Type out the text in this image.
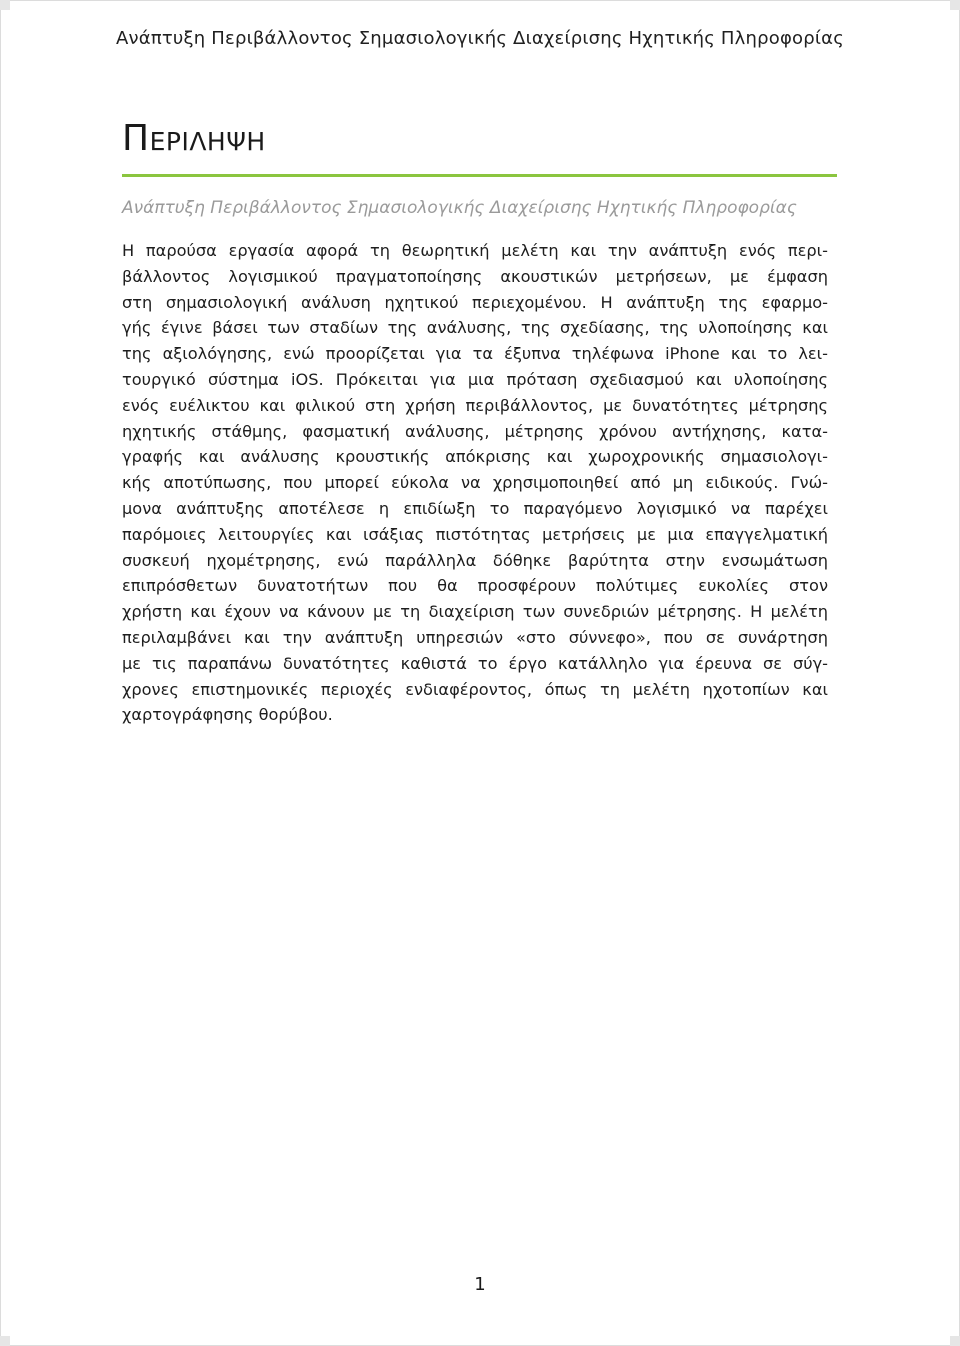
Ανάπτυξη Περιβάλλοντος Σημασιολογικής Διαχείρισης Ηχητικής Πληροφορίας
Περιληψη
Ανάπτυξη Περιβάλλοντος Σημασιολογικής Διαχείρισης Ηχητικής Πληροφορίας
Η παρούσα εργασία αφορά τη θεωρητική μελέτη και την ανάπτυξη ενός περι-
βάλλοντος λογισμικού πραγματοποίησης ακουστικών μετρήσεων, με έμφαση
στη σημασιολογική ανάλυση ηχητικού περιεχομένου. Η ανάπτυξη της εφαρμο-
γής έγινε βάσει των σταδίων της ανάλυσης, της σχεδίασης, της υλοποίησης και
της αξιολόγησης, ενώ προορίζεται για τα έξυπνα τηλέφωνα iPhone και το λει-
τουργικό σύστημα iOS. Πρόκειται για μια πρόταση σχεδιασμού και υλοποίησης
ενός ευέλικτου και φιλικού στη χρήση περιβάλλοντος, με δυνατότητες μέτρησης
ηχητικής στάθμης, φασματική ανάλυσης, μέτρησης χρόνου αντήχησης, κατα-
γραφής και ανάλυσης κρουστικής απόκρισης και χωροχρονικής σημασιολογι-
κής αποτύπωσης, που μπορεί εύκολα να χρησιμοποιηθεί από μη ειδικούς. Γνώ-
μονα ανάπτυξης αποτέλεσε η επιδίωξη το παραγόμενο λογισμικό να παρέχει
παρόμοιες λειτουργίες και ισάξιας πιστότητας μετρήσεις με μια επαγγελματική
συσκευή ηχομέτρησης, ενώ παράλληλα δόθηκε βαρύτητα στην ενσωμάτωση
επιπρόσθετων δυνατοτήτων που θα προσφέρουν πολύτιμες ευκολίες στον
χρήστη και έχουν να κάνουν με τη διαχείριση των συνεδριών μέτρησης. Η μελέτη
περιλαμβάνει και την ανάπτυξη υπηρεσιών «στο σύννεφο», που σε συνάρτηση
με τις παραπάνω δυνατότητες καθιστά το έργο κατάλληλο για έρευνα σε σύγ-
χρονες επιστημονικές περιοχές ενδιαφέροντος, όπως τη μελέτη ηχοτοπίων και
χαρτογράφησης θορύβου.
1
